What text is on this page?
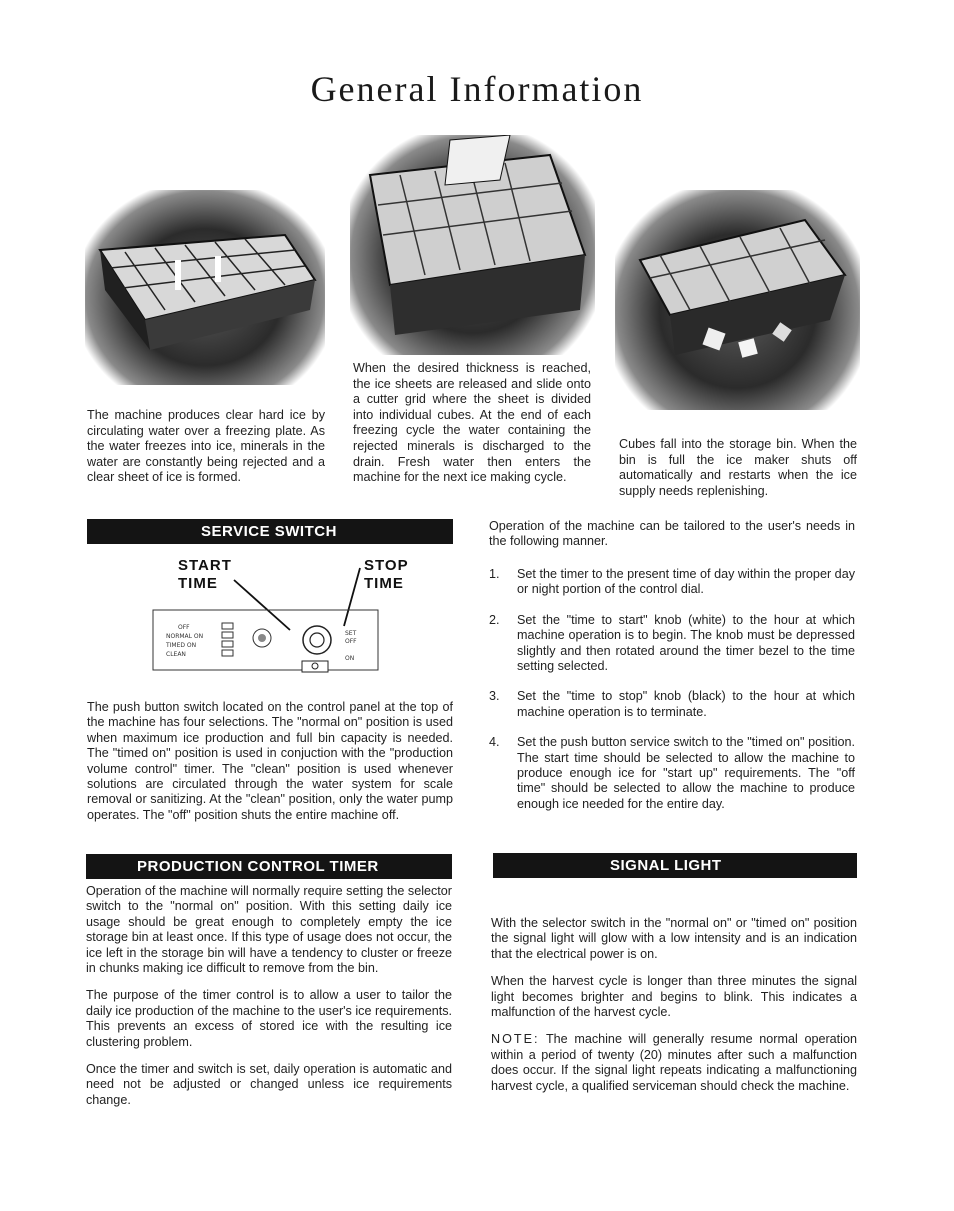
General Information

The machine produces clear hard ice by circulating water over a freezing plate. As the water freezes into ice, minerals in the water are constantly being rejected and a clear sheet of ice is formed.

When the desired thickness is reached, the ice sheets are released and slide onto a cutter grid where the sheet is divided into individual cubes. At the end of each freezing cycle the water containing the rejected minerals is discharged to the drain. Fresh water then enters the machine for the next ice making cycle.

Cubes fall into the storage bin. When the bin is full the ice maker shuts off automatically and restarts when the ice supply needs replenishing.

SERVICE SWITCH
START
TIME
STOP
TIME
OFF
NORMAL ON
TIMED ON
CLEAN
SET
OFF
ON

The push button switch located on the control panel at the top of the machine has four selections. The "normal on" position is used when maximum ice production and full bin capacity is needed. The "timed on" position is used in conjuction with the "production volume control" timer. The "clean" position is used whenever solutions are circulated through the water system for scale removal or sanitizing. At the "clean" position, only the water pump operates. The "off" position shuts the entire machine off.

Operation of the machine can be tailored to the user's needs in the following manner.

1.	Set the timer to the present time of day within the proper day or night portion of the control dial.
2.	Set the "time to start" knob (white) to the hour at which machine operation is to begin. The knob must be depressed slightly and then rotated around the timer bezel to the time setting selected.
3.	Set the "time to stop" knob (black) to the hour at which machine operation is to terminate.
4.	Set the push button service switch to the "timed on" position. The start time should be selected to allow the machine to produce enough ice for "start up" requirements. The "off time" should be selected to allow the machine to produce enough ice needed for the entire day.
PRODUCTION CONTROL TIMER

Operation of the machine will normally require setting the selector switch to the "normal on" position. With this setting daily ice usage should be great enough to completely empty the ice storage bin at least once. If this type of usage does not occur, the ice left in the storage bin will have a tendency to cluster or freeze in chunks making ice difficult to remove from the bin.

The purpose of the timer control is to allow a user to tailor the daily ice production of the machine to the user's ice requirements. This prevents an excess of stored ice with the resulting ice clustering problem.

Once the timer and switch is set, daily operation is automatic and need not be adjusted or changed unless ice requirements change.

SIGNAL LIGHT

With the selector switch in the "normal on" or "timed on" position the signal light will glow with a low intensity and is an indication that the electrical power is on.

When the harvest cycle is longer than three minutes the signal light becomes brighter and begins to blink. This indicates a malfunction of the harvest cycle.

NOTE: The machine will generally resume normal operation within a period of twenty (20) minutes after such a malfunction does occur. If the signal light repeats indicating a malfunctioning harvest cycle, a qualified serviceman should check the machine.
